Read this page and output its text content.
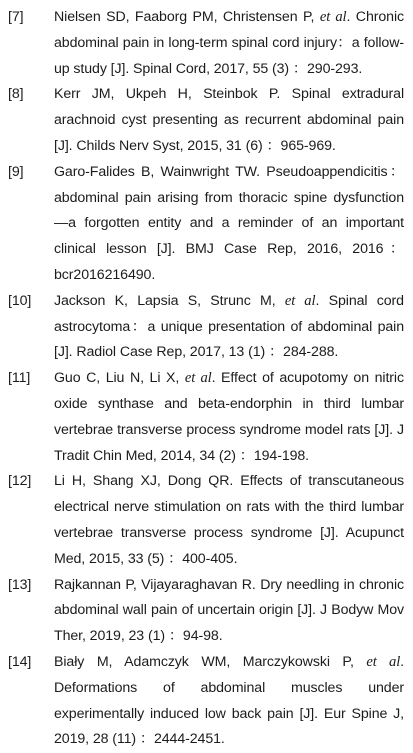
[7] Nielsen SD, Faaborg PM, Christensen P, et al. Chronic abdominal pain in long-term spinal cord injury：a follow-up study [J]. Spinal Cord, 2017, 55 (3) ：290-293.

[8] Kerr JM, Ukpeh H, Steinbok P. Spinal extradural arachnoid cyst presenting as recurrent abdominal pain [J]. Childs Nerv Syst, 2015, 31 (6) ：965-969.

[9] Garo-Falides B, Wainwright TW. Pseudoappendicitis：abdominal pain arising from thoracic spine dysfunction—a forgotten entity and a reminder of an important clinical lesson [J]. BMJ Case Rep, 2016, 2016：bcr2016216490.

[10] Jackson K, Lapsia S, Strunc M, et al. Spinal cord astrocytoma：a unique presentation of abdominal pain [J]. Radiol Case Rep, 2017, 13 (1) ：284-288.

[11] Guo C, Liu N, Li X, et al. Effect of acupotomy on nitric oxide synthase and beta-endorphin in third lumbar vertebrae transverse process syndrome model rats [J]. J Tradit Chin Med, 2014, 34 (2) ：194-198.

[12] Li H, Shang XJ, Dong QR. Effects of transcutaneous electrical nerve stimulation on rats with the third lumbar vertebrae transverse process syndrome [J]. Acupunct Med, 2015, 33 (5) ：400-405.

[13] Rajkannan P, Vijayaraghavan R. Dry needling in chronic abdominal wall pain of uncertain origin [J]. J Bodyw Mov Ther, 2019, 23 (1) ：94-98.

[14] Biały M, Adamczyk WM, Marczykowski P, et al. Deformations of abdominal muscles under experimentally induced low back pain [J]. Eur Spine J, 2019, 28 (11) ：2444-2451.
